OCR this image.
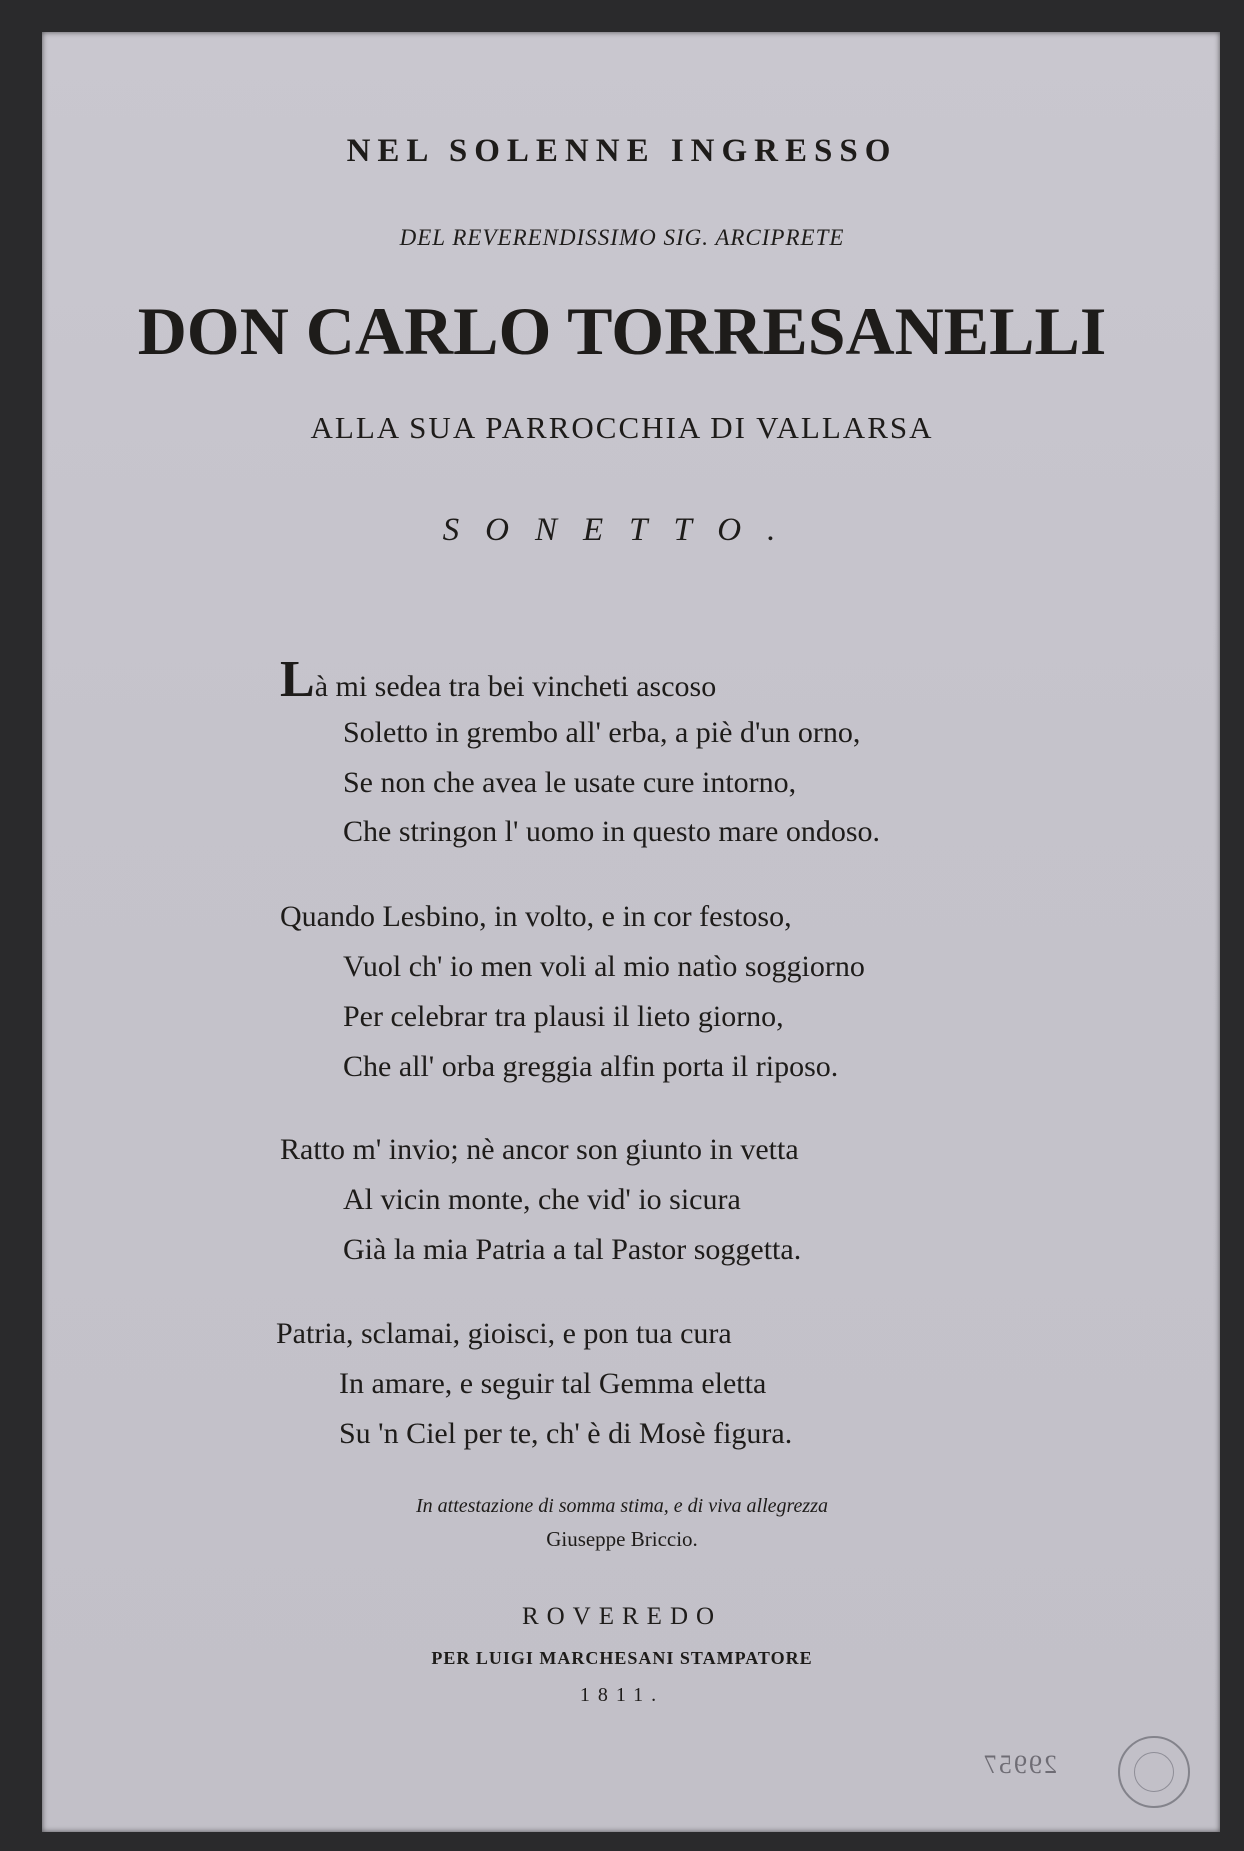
NEL SOLENNE INGRESSO
DEL REVERENDISSIMO SIG. ARCIPRETE
DON CARLO TORRESANELLI
ALLA SUA PARROCCHIA DI VALLARSA
SONETTO.
Là mi sedea tra bei vincheti ascoso
Soletto in grembo all' erba, a piè d'un orno,
Se non che avea le usate cure intorno,
Che stringon l' uomo in questo mare ondoso.
Quando Lesbino, in volto, e in cor festoso,
Vuol ch' io men voli al mio natìo soggiorno
Per celebrar tra plausi il lieto giorno,
Che all' orba greggia alfin porta il riposo.
Ratto m' invio; nè ancor son giunto in vetta
Al vicin monte, che vid' io sicura
Già la mia Patria a tal Pastor soggetta.
Patria, sclamai, gioisci, e pon tua cura
In amare, e seguir tal Gemma eletta
Su 'n Ciel per te, ch' è di Mosè figura.
In attestazione di somma stima, e di viva allegrezza
Giuseppe Briccio.
ROVEREDO
PER LUIGI MARCHESANI STAMPATORE
1811.
29957
